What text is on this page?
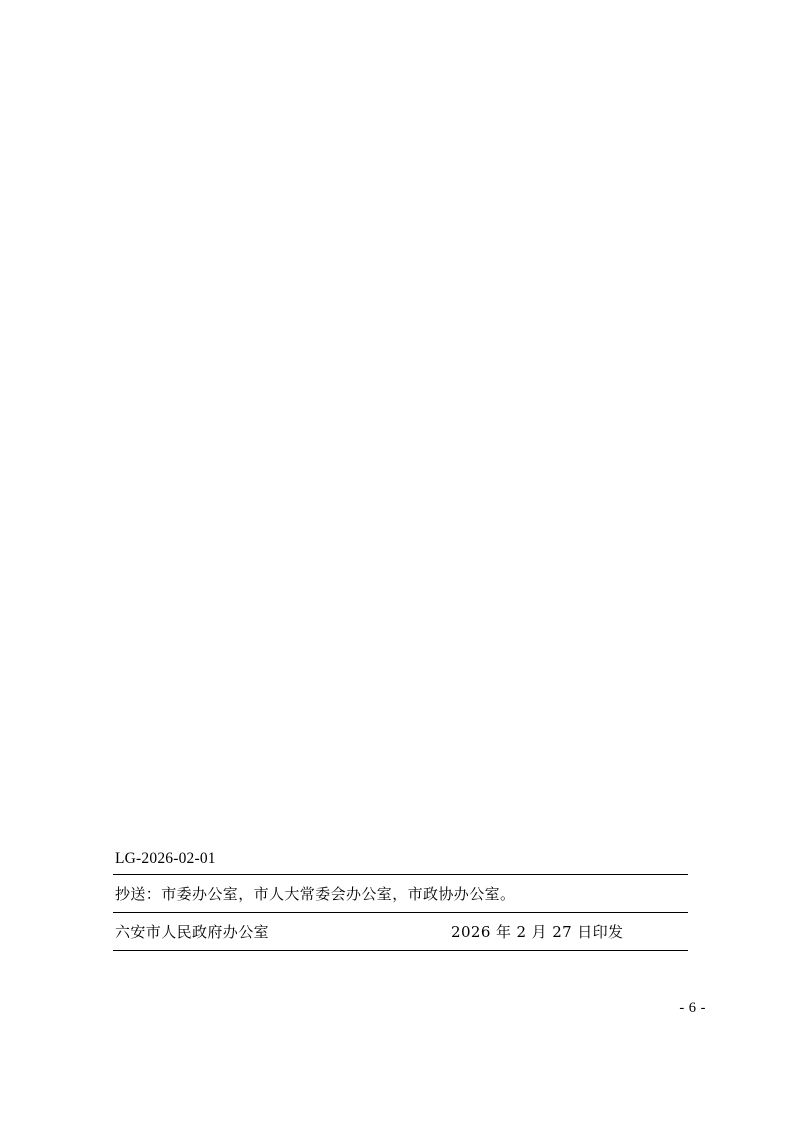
LG-2026-02-01
抄送：市委办公室，市人大常委会办公室，市政协办公室。
六安市人民政府办公室	2026 年 2 月 27 日印发
- 6 -
